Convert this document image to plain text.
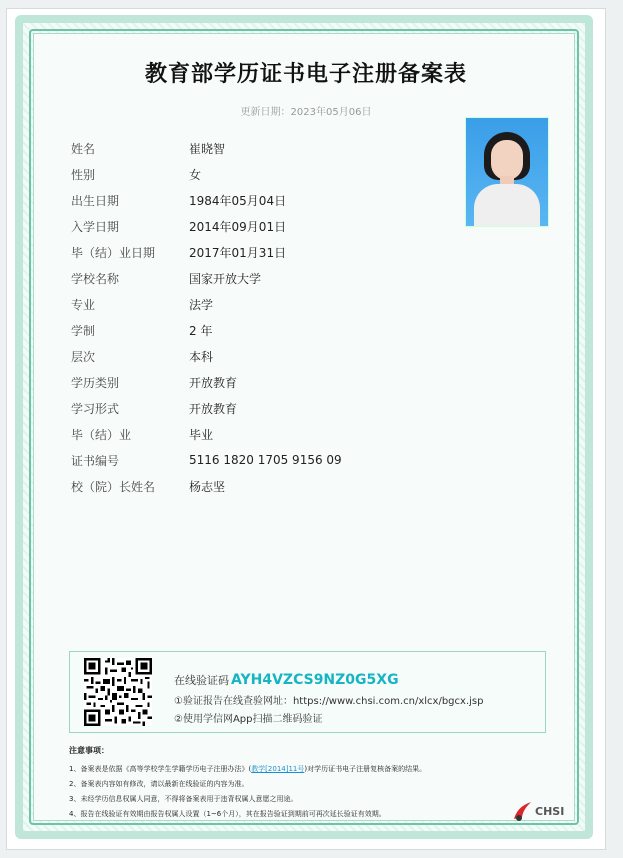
教育部学历证书电子注册备案表
更新日期：2023年05月06日
姓名	崔晓智
性别	女
出生日期	1984年05月04日
入学日期	2014年09月01日
毕（结）业日期	2017年01月31日
学校名称	国家开放大学
专业	法学
学制	2 年
层次	本科
学历类别	开放教育
学习形式	开放教育
毕（结）业	毕业
证书编号	5116 1820 1705 9156 09
校（院）长姓名	杨志坚
在线验证码 AYH4VZCS9NZ0G5XG
①验证报告在线查验网址：https://www.chsi.com.cn/xlcx/bgcx.jsp
②使用学信网App扫描二维码验证
注意事项：
1、备案表是依据《高等学校学生学籍学历电子注册办法》(教学[2014]11号)对学历证书电子注册复核备案的结果。
2、备案表内容如有修改，请以最新在线验证的内容为准。
3、未经学历信息权属人同意，不得将备案表用于违背权属人意愿之用途。
4、报告在线验证有效期由报告权属人设置（1~6个月），其在报告验证到期前可再次延长验证有效期。	CHSI
